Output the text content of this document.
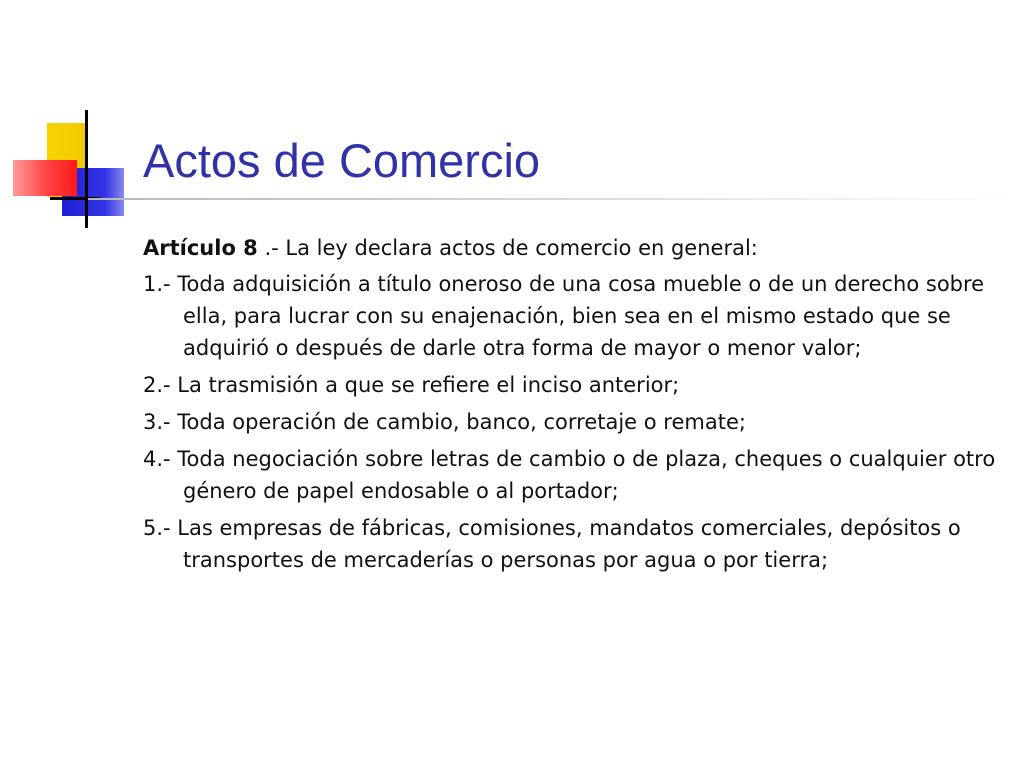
Actos de Comercio
Artículo 8 .- La ley declara actos de comercio en general:
1.- Toda adquisición a título oneroso de una cosa mueble o de un derecho sobre ella, para lucrar con su enajenación, bien sea en el mismo estado que se adquirió o después de darle otra forma de mayor o menor valor;
2.- La trasmisión a que se refiere el inciso anterior;
3.- Toda operación de cambio, banco, corretaje o remate;
4.- Toda negociación sobre letras de cambio o de plaza, cheques o cualquier otro género de papel endosable o al portador;
5.- Las empresas de fábricas, comisiones, mandatos comerciales, depósitos o transportes de mercaderías o personas por agua o por tierra;
